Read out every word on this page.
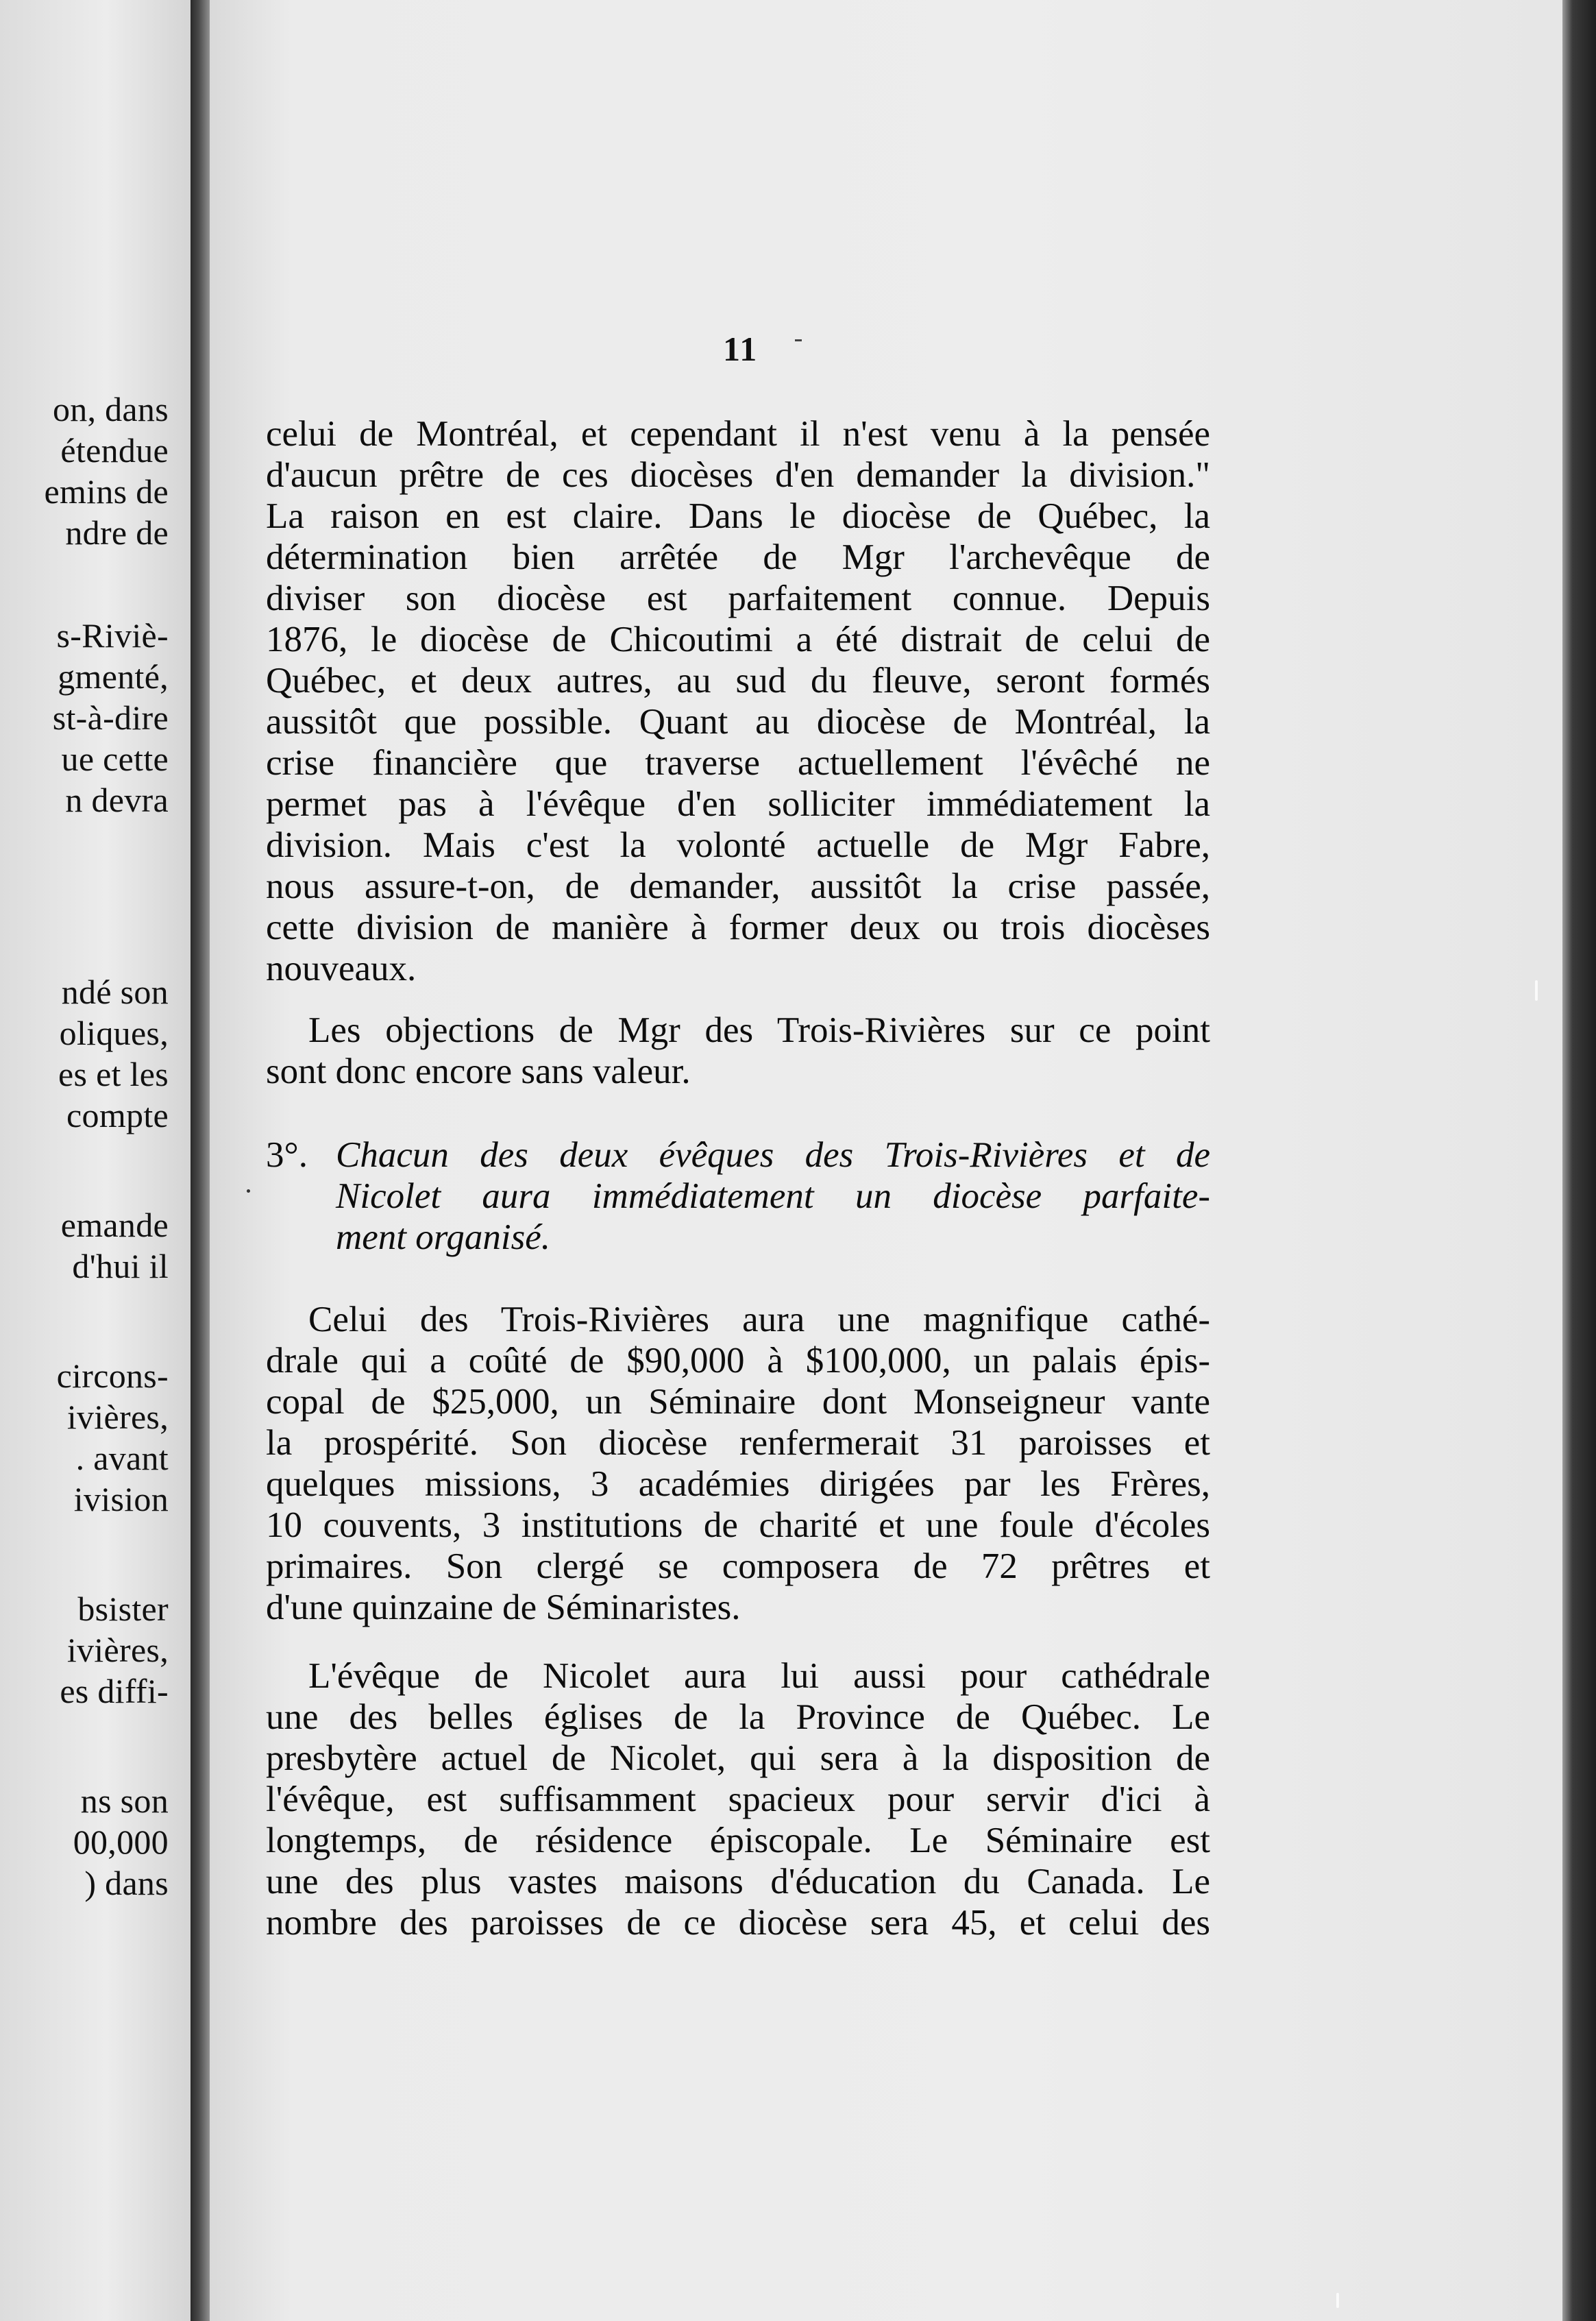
on, dans
étendue
emins de
ndre de
s-Riviè-
gmenté,
st-à-dire
ue cette
n devra
ndé son
oliques,
es et les
compte
emande
d'hui il
circons-
ivières,
. avant
ivision
bsister
ivières,
es diffi-
ns son
00,000
) dans
11
celui de Montréal, et cependant il n'est venu à la pensée
d'aucun prêtre de ces diocèses d'en demander la division."
La raison en est claire. Dans le diocèse de Québec, la
détermination bien arrêtée de Mgr l'archevêque de
diviser son diocèse est parfaitement connue. Depuis
1876, le diocèse de Chicoutimi a été distrait de celui de
Québec, et deux autres, au sud du fleuve, seront formés
aussitôt que possible. Quant au diocèse de Montréal, la
crise financière que traverse actuellement l'évêché ne
permet pas à l'évêque d'en solliciter immédiatement la
division. Mais c'est la volonté actuelle de Mgr Fabre,
nous assure-t-on, de demander, aussitôt la crise passée,
cette division de manière à former deux ou trois diocèses
nouveaux.
Les objections de Mgr des Trois-Rivières sur ce point
sont donc encore sans valeur.
3°. Chacun des deux évêques des Trois-Rivières et de
Nicolet aura immédiatement un diocèse parfaite-
ment organisé.
Celui des Trois-Rivières aura une magnifique cathé-
drale qui a coûté de $90,000 à $100,000, un palais épis-
copal de $25,000, un Séminaire dont Monseigneur vante
la prospérité. Son diocèse renfermerait 31 paroisses et
quelques missions, 3 académies dirigées par les Frères,
10 couvents, 3 institutions de charité et une foule d'écoles
primaires. Son clergé se composera de 72 prêtres et
d'une quinzaine de Séminaristes.
L'évêque de Nicolet aura lui aussi pour cathédrale
une des belles églises de la Province de Québec. Le
presbytère actuel de Nicolet, qui sera à la disposition de
l'évêque, est suffisamment spacieux pour servir d'ici à
longtemps, de résidence épiscopale. Le Séminaire est
une des plus vastes maisons d'éducation du Canada. Le
nombre des paroisses de ce diocèse sera 45, et celui des
